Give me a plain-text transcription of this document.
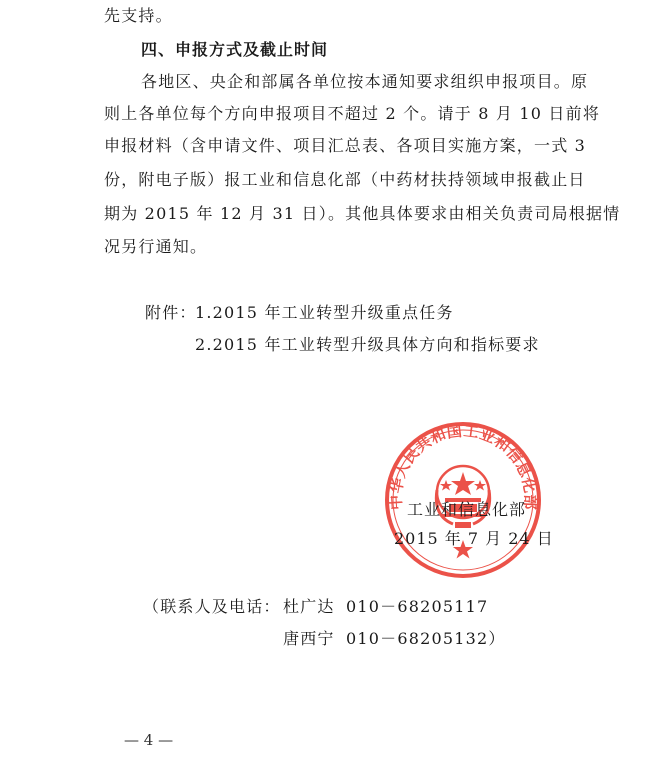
先支持。
四、申报方式及截止时间
各地区、央企和部属各单位按本通知要求组织申报项目。原
则上各单位每个方向申报项目不超过 2 个。请于 8 月 10 日前将
申报材料（含申请文件、项目汇总表、各项目实施方案，一式 3
份，附电子版）报工业和信息化部（中药材扶持领域申报截止日
期为 2015 年 12 月 31 日）。其他具体要求由相关负责司局根据情
况另行通知。
附件：
1.2015 年工业转型升级重点任务
2.2015 年工业转型升级具体方向和指标要求
中华人民共和国工业和信息化部
工业和信息化部
2015 年 7 月 24 日
（联系人及电话： 杜广达 010－68205117
唐西宁 010－68205132）
— 4 —
